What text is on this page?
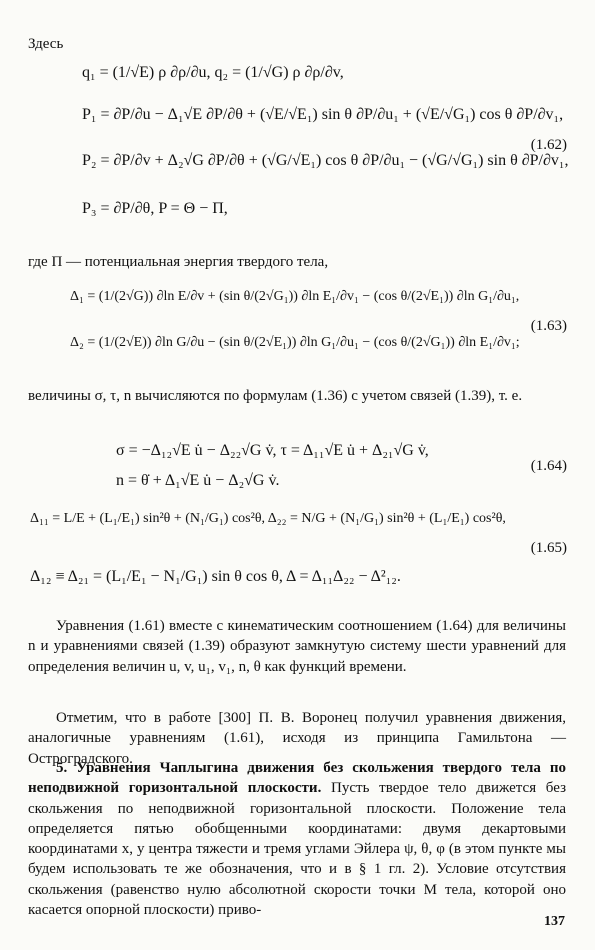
Здесь
q₁ = (1/√E) ρ ∂ρ/∂u, q₂ = (1/√G) ρ ∂ρ/∂v,
P₁ = ∂P/∂u − Δ₁√E ∂P/∂θ + (√E/√E₁) sin θ ∂P/∂u₁ + (√E/√G₁) cos θ ∂P/∂v₁,
P₂ = ∂P/∂v + Δ₂√G ∂P/∂θ + (√G/√E₁) cos θ ∂P/∂u₁ − (√G/√G₁) sin θ ∂P/∂v₁,
P₃ = ∂P/∂θ, P = Θ − Π,
(1.62)
где Π — потенциальная энергия твердого тела,
Δ₁ = (1/(2√G)) ∂ln E/∂v + (sin θ/(2√G₁)) ∂ln E₁/∂v₁ − (cos θ/(2√E₁)) ∂ln G₁/∂u₁,
Δ₂ = (1/(2√E)) ∂ln G/∂u − (sin θ/(2√E₁)) ∂ln G₁/∂u₁ − (cos θ/(2√G₁)) ∂ln E₁/∂v₁;
(1.63)
величины σ, τ, n вычисляются по формулам (1.36) с учетом связей (1.39), т. е.
σ = −Δ₁₂√E u̇ − Δ₂₂√G v̇, τ = Δ₁₁√E u̇ + Δ₂₁√G v̇,
n = θ̇ + Δ₁√E u̇ − Δ₂√G v̇.
(1.64)
Δ₁₁ = L/E + (L₁/E₁) sin²θ + (N₁/G₁) cos²θ, Δ₂₂ = N/G + (N₁/G₁) sin²θ + (L₁/E₁) cos²θ,
Δ₁₂ ≡ Δ₂₁ = (L₁/E₁ − N₁/G₁) sin θ cos θ, Δ = Δ₁₁Δ₂₂ − Δ²₁₂.
(1.65)
Уравнения (1.61) вместе с кинематическим соотношением (1.64) для величины n и уравнениями связей (1.39) образуют замкнутую систему шести уравнений для определения величин u, v, u₁, v₁, n, θ как функций времени.
Отметим, что в работе [300] П. В. Воронец получил уравнения движения, аналогичные уравнениям (1.61), исходя из принципа Гамильтона — Остроградского.
5. Уравнения Чаплыгина движения без скольжения твердого тела по неподвижной горизонтальной плоскости. Пусть твердое тело движется без скольжения по неподвижной горизонтальной плоскости. Положение тела определяется пятью обобщенными координатами: двумя декартовыми координатами x, y центра тяжести и тремя углами Эйлера ψ, θ, φ (в этом пункте мы будем использовать те же обозначения, что и в § 1 гл. 2). Условие отсутствия скольжения (равенство нулю абсолютной скорости точки M тела, которой оно касается опорной плоскости) приво-
137
